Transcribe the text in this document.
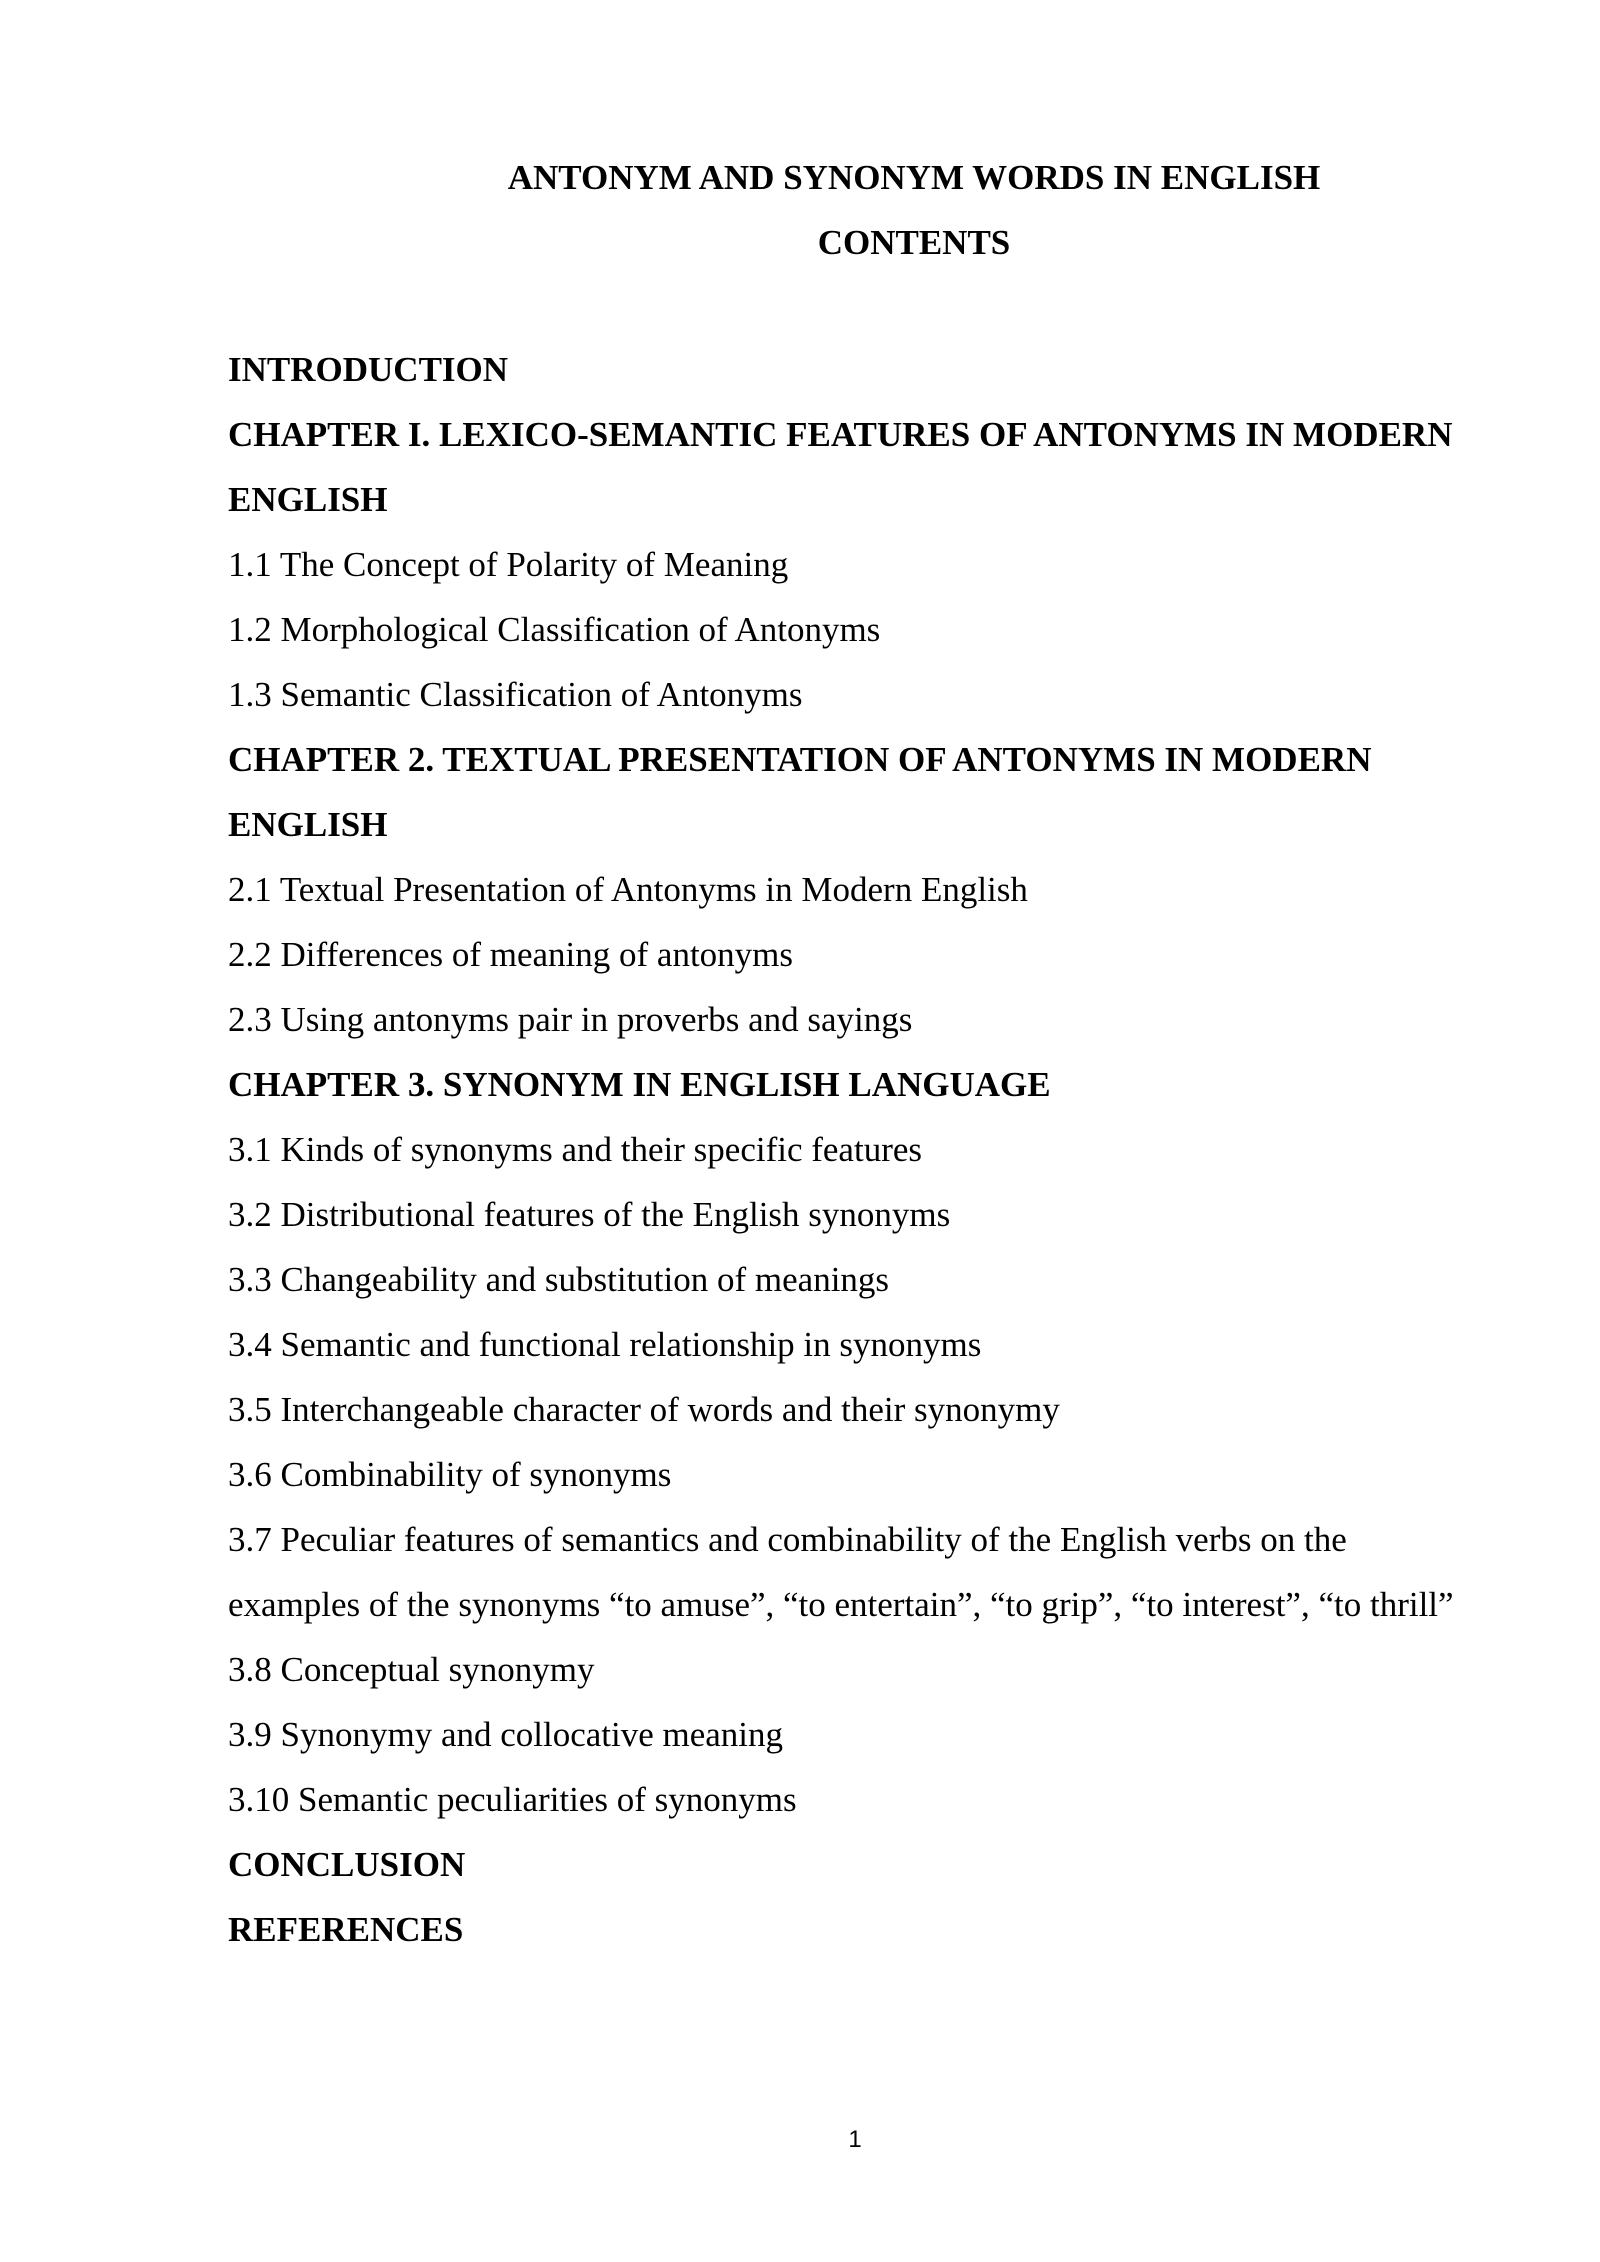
ANTONYM AND SYNONYM WORDS IN ENGLISH
CONTENTS
INTRODUCTION
CHAPTER I. LEXICO-SEMANTIC FEATURES OF ANTONYMS IN MODERN ENGLISH
1.1 The Concept of Polarity of Meaning
1.2 Morphological Classification of Antonyms
1.3 Semantic Classification of Antonyms
CHAPTER 2. TEXTUAL PRESENTATION OF ANTONYMS IN MODERN ENGLISH
2.1 Textual Presentation of Antonyms in Modern English
2.2 Differences of meaning of antonyms
2.3 Using antonyms pair in proverbs and sayings
CHAPTER 3. SYNONYM IN ENGLISH LANGUAGE
3.1 Kinds of synonyms and their specific features
3.2 Distributional features of the English synonyms
3.3 Changeability and substitution of meanings
3.4 Semantic and functional relationship in synonyms
3.5 Interchangeable character of words and their synonymy
3.6 Combinability of synonyms
3.7 Peculiar features of semantics and combinability of the English verbs on the examples of the synonyms “to amuse”, “to entertain”, “to grip”, “to interest”, “to thrill”
3.8 Conceptual synonymy
3.9 Synonymy and collocative meaning
3.10 Semantic peculiarities of synonyms
CONCLUSION
REFERENCES
1
